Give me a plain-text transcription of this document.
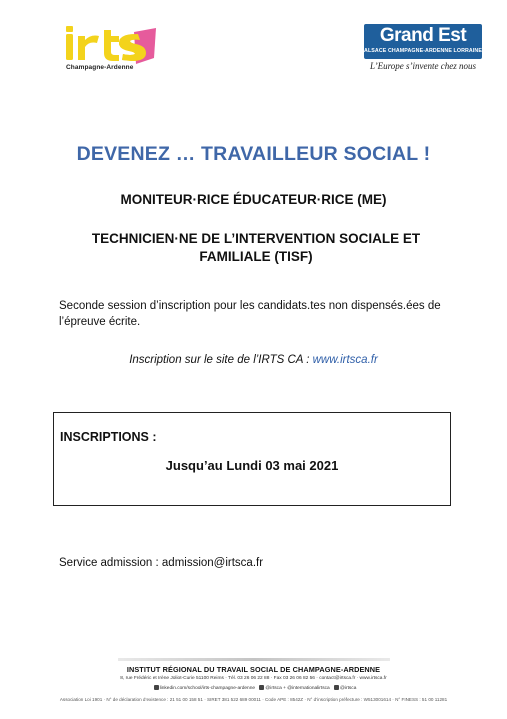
Champagne-Ardenne
Grand Est
ALSACE CHAMPAGNE-ARDENNE LORRAINE
L’Europe s’invente chez nous
DEVENEZ … TRAVAILLEUR SOCIAL !
MONITEUR·RICE ÉDUCATEUR·RICE (ME)
TECHNICIEN·NE DE L’INTERVENTION SOCIALE ET FAMILIALE (TISF)
Seconde session d’inscription pour les candidats.tes non dispensés.ées de l’épreuve écrite.
Inscription sur le site de l’IRTS CA : www.irtsca.fr
INSCRIPTIONS :
Jusqu’au Lundi 03 mai 2021
Service admission : admission@irtsca.fr
INSTITUT RÉGIONAL DU TRAVAIL SOCIAL DE CHAMPAGNE-ARDENNE
8, rue Frédéric et Irène Joliot-Curie 51100 Reims · Tél. 03 26 06 22 88 · Fax 03 26 06 82 56 · contact@irtsca.fr · www.irtsca.fr
linkedin.com/school/irts-champagne-ardenne @irtsca + @internationalirtsca @irtsca
Association Loi 1901 · N° de déclaration d’existence : 21 51 00 158 51 · SIRET 381 522 689 00011 · Code APE : 8542Z · N° d’inscription préfecture : W513001614 · N° FINESS : 51 00 11281
